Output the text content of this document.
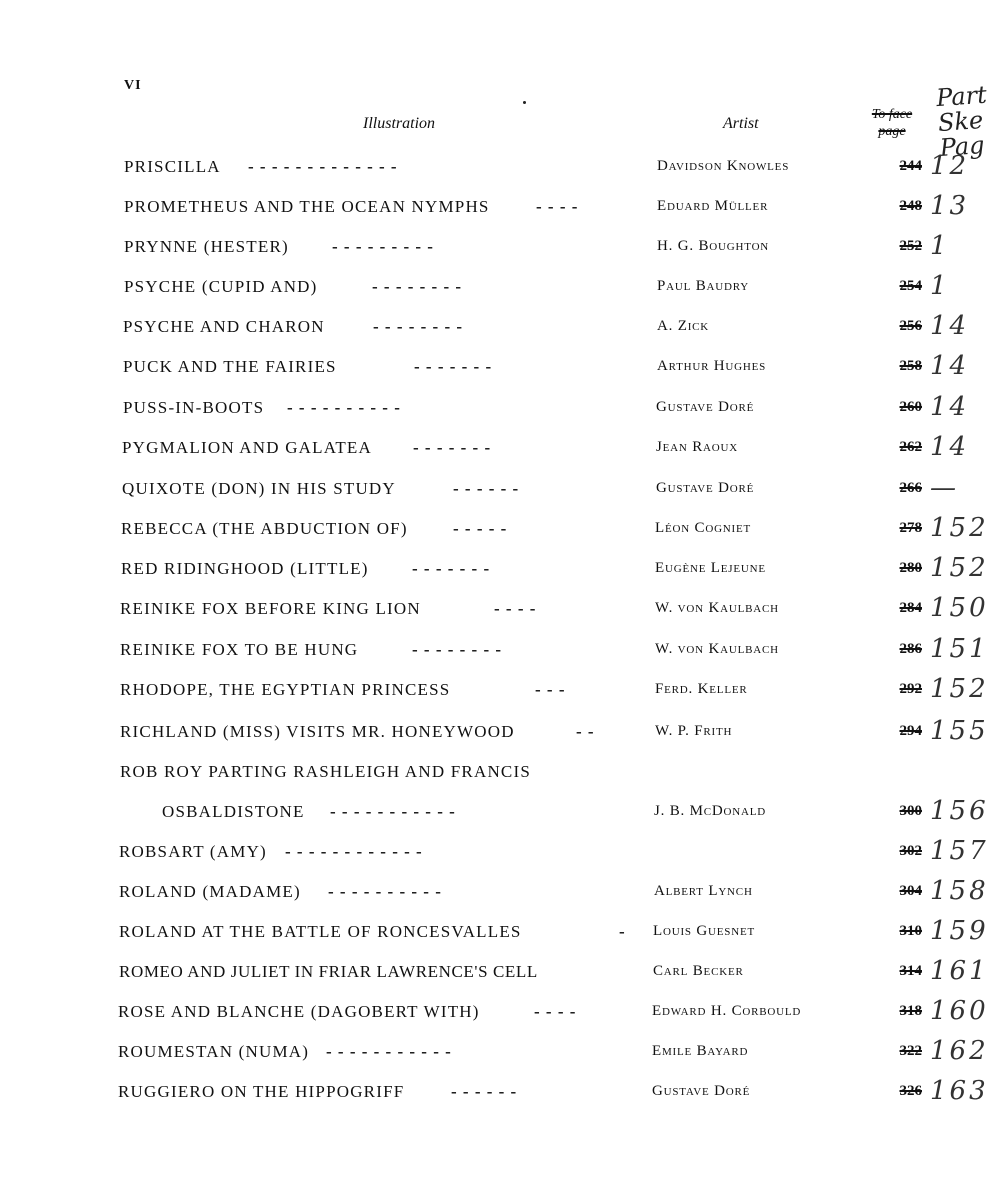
VI
Illustration	Artist
To face
page
Part
Ske
Pag
PRISCILLA - - - - - - - - - - - - -	Davidson Knowles	244 12
PROMETHEUS AND THE OCEAN NYMPHS	- - - -	Eduard Müller	248 13
PRYNNE (HESTER)	- - - - - - - - -	H. G. Boughton	252 1
PSYCHE (CUPID AND)	- - - - - - - -	Paul Baudry	254 1
PSYCHE AND CHARON	- - - - - - - -	A. Zick	256 14
PUCK AND THE FAIRIES	- - - - - - -	Arthur Hughes	258 14
PUSS-IN-BOOTS - - - - - - - - - -	Gustave Doré	260 14
PYGMALION AND GALATEA - - - - - - -	Jean Raoux	262 14
QUIXOTE (DON) IN HIS STUDY	- - - - - -	Gustave Doré	266 —
REBECCA (THE ABDUCTION OF)	- - - - -	Léon Cogniet	278 152
RED RIDINGHOOD (LITTLE)	- - - - - - -	Eugène Lejeune	280 152
REINIKE FOX BEFORE KING LION	- - - -	W. von Kaulbach	284 150
REINIKE FOX TO BE HUNG	- - - - - - - -	W. von Kaulbach	286 151
RHODOPE, THE EGYPTIAN PRINCESS	- - -	Ferd. Keller	292 152
RICHLAND (MISS) VISITS MR. HONEYWOOD	- -	W. P. Frith	294 155
ROB ROY PARTING RASHLEIGH AND FRANCIS
OSBALDISTONE - - - - - - - - - - -	J. B. McDonald	300 156
ROBSART (AMY) - - - - - - - - - - - -	302 157
ROLAND (MADAME) - - - - - - - - - -	Albert Lynch	304 158
ROLAND AT THE BATTLE OF RONCESVALLES	- Louis Guesnet	310 159
ROMEO AND JULIET IN FRIAR LAWRENCE'S CELL	Carl Becker	314 161
ROSE AND BLANCHE (DAGOBERT WITH)	- - - -	Edward H. Corbould	318 160
ROUMESTAN (NUMA) - - - - - - - - - - -	Emile Bayard	322 162
RUGGIERO ON THE HIPPOGRIFF	- - - - - -	Gustave Doré	326 163
